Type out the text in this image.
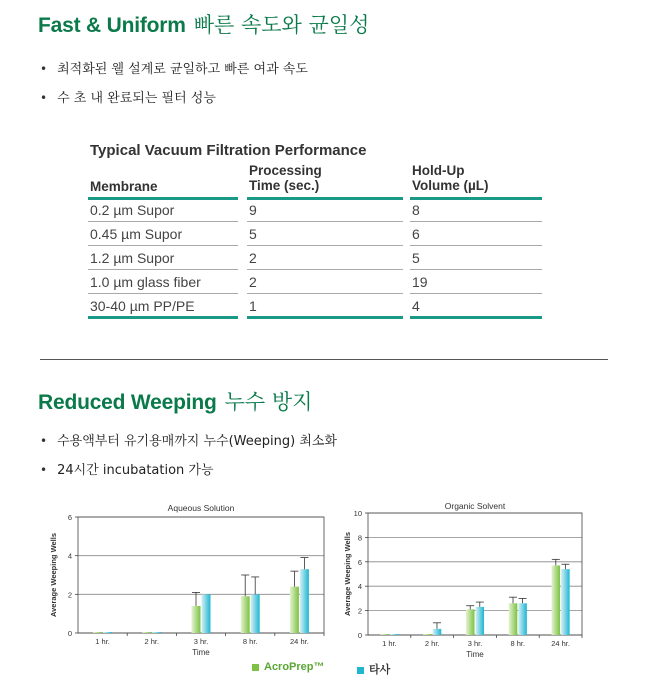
Fast & Uniform 빠른 속도와 균일성
• 최적화된 웰 설계로 균일하고 빠른 여과 속도
• 수 초 내 완료되는 필터 성능
Typical Vacuum Filtration Performance
Membrane
Processing Time (sec.)
Hold-Up Volume (µL)
0.2 µm Supor	9	8
0.45 µm Supor	5	6
1.2 µm Supor	2	5
1.0 µm glass fiber	2	19
30-40 µm PP/PE	1	4
Reduced Weeping 누수 방지
• 수용액부터 유기용매까지 누수(Weeping) 최소화
• 24시간 incubatation 가능
Aqueous Solution
0
2
4
6
Average Weeping Wells
1 hr.	2 hr.	3 hr.	8 hr.	24 hr.
Time
Organic Solvent
0
2
4
6
8
10
Average Weeping Wells
1 hr.	2 hr.	3 hr.	8 hr.	24 hr.
Time
AcroPrep™	타사
